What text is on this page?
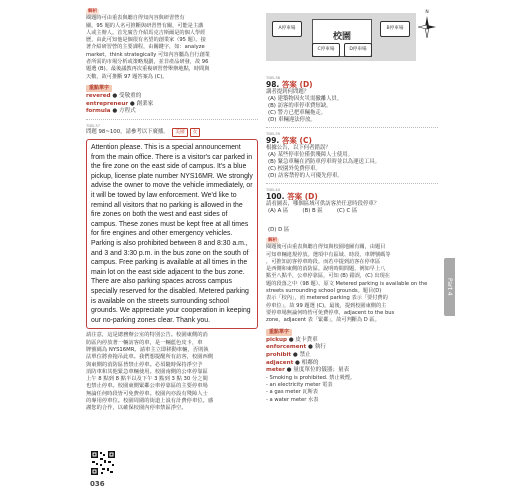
解析
閱題時可由重表與聽自得知內容與研習營有
關。95 題的人名可推斷與研習營有關，可能是主講
人或主辦人。首先廣告介紹馬克吉斯爾是的個人學經
歷，由此可知他是個很有名望的創業家（95 題）。接
著介紹研習營的主要課程，由關鍵字，如：analyze
market，think strategically 可知內容屬為自行創業
者所需的市場分析或策略規劃，並非產品研發，故 96
題選 (B)。最後議教再次重複研習營舉辦地點，時間與
天數，故可推斷 97 題答案為 (C)。
重點單字
revered ● 受敬重的
entrepreneur ● 創業家
formula ● 方程式
TDB-37
問題 98~100，請參考以下廣播。 美國 女
Attention please. This is a special announcement from the main office. There is a visitor's car parked in the fire zone on the east side of campus. It's a blue pickup, license plate number NYS16MR. We strongly advise the owner to move the vehicle immediately, or it will be towed by law enforcement. We'd like to remind all visitors that no parking is allowed in the fire zones on both the west and east sides of campus. These zones must be kept free at all times for fire engines and other emergency vehicles. Parking is also prohibited between 8 and 8:30 a.m., and 3 and 3:30 p.m. in the bus zone on the south of campus. Free parking is available at all times in the main lot on the east side adjacent to the bus zone. There are also parking spaces across campus specially reserved for the disabled. Metered parking is available on the streets surrounding school grounds. We appreciate your cooperation in keeping our no-parking zones clear. Thank you.
請注意，這是總務辦公室的特別公告。校園東側的消
防區內停放著一輛訪客的車，是一輛藍色皮卡，車
牌號碼為 NYS16MR。請車主立即移動車輛，否則執
法單位將會拖吊此車。我們想提醒所有訪客，校園西側
與東側的消防區皆禁止停車。必須隨時保持淨空予
消防車和其他緊急車輛使用。校園南側的公車停靠區
上午 8 點到 8 點半以及下午 3 點到 3 點 30 分之間
也禁止停車。校園東側緊鄰公車停靠區的主要停車場
無論任何時段皆可免費停車。校園內亦設有殘障人士
的專用停車位。校園周圍的街道上設有計費停車位。感
謝您的合作，以確保校園內停車禁區淨空。
A停車場
校園
B停車場
C停車場	D停車場
N
TDB-38
98. 答案 (D)
講者提到何問題？
(A) 建築物因火災需撤離人員。
(B) 訪客的車停車費短缺。
(C) 警方已把車輛拖走。
(D) 車輛違法停放。
TDB-39
99. 答案 (C)
根據公告，以下何者錯誤？
(A) 某些停車位僅供殘障人士使用。
(B) 緊急車輛在消防車停車時並以為運送工具。
(C) 校園外免費停車。
(D) 訪客禁停的人可優先停車。
TDB-40
100. 答案 (D)
請看圖表，哪個區域可供訪客於任意時段停車？
(A) A 區	(B) B 區	(C) C 區
(D) D 區
解析
閱題後可由重表與聽自得知與校園地圖有關，由題目
可知車輛違規停放。選項中有區域、時段、車牌號碼等
，可推知訪客停車時段。而若中提到訪客在停車區
是西側和東側的消防區。說明時間問題，例如早上八
點至八點半，公車停靠區，可知 (B) 錯誤，(C) 出現在
題的段落之中（98 題）。原文 Metered parking is available on the
streets surrounding school grounds。題目(D)
表示「校內」，而 metered parking 表示「要付費的
停車位」，故 99 題選 (C)。最後，提到校園東側的主
要停車場無論何時皆可免費停車，adjacent to the bus
zone，adjacent 表「緊鄰」，故可判斷為 D 區。
重點單字
pickup ● 皮卡貨車
enforcement ● 執行
prohibit ● 禁止
adjacent ● 相鄰的
meter ● 量度單位的儀器；量表
- Smoking is prohibited. 禁止吸煙。
- an electricity meter 電表
- a gas meter 瓦斯表
- a water meter 水表
Part 4
036
